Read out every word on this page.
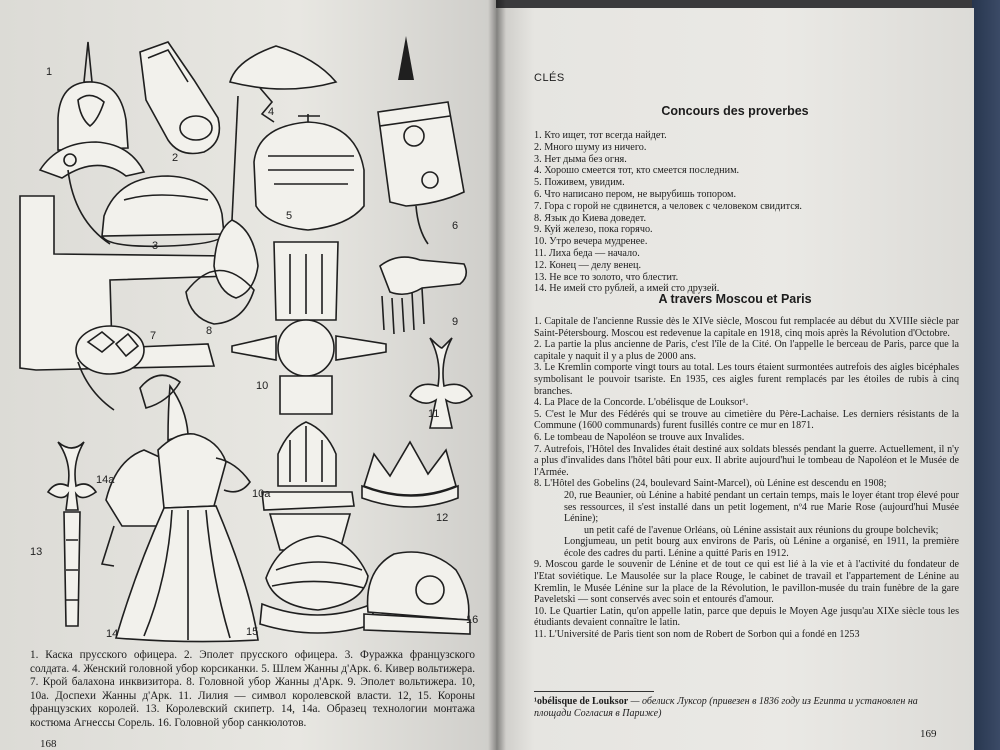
1
2
3
4
5
6
7	8
9
10
10a
11
12
13
14
14a
15
16
1. Каска прусского офицера. 2. Эполет прусского офицера. 3. Фуражка французского солдата. 4. Женский головной убор корсиканки. 5. Шлем Жанны д'Арк. 6. Кивер вольтижера. 7. Крой балахона инквизитора. 8. Головной убор Жанны д'Арк. 9. Эполет вольтижера. 10, 10а. Доспехи Жанны д'Арк. 11. Лилия — символ королевской власти. 12, 15. Короны французских королей. 13. Королевский скипетр. 14, 14а. Образец технологии монтажа костюма Агнессы Сорель. 16. Головной убор санкюлотов.
168
CLÉS
Concours des proverbes
1. Кто ищет, тот всегда найдет.
2. Много шуму из ничего.
3. Нет дыма без огня.
4. Хорошо смеется тот, кто смеется последним.
5. Поживем, увидим.
6. Что написано пером, не вырубишь топором.
7. Гора с горой не сдвинется, а человек с человеком свидится.
8. Язык до Киева доведет.
9. Куй железо, пока горячо.
10. Утро вечера мудренее.
11. Лиха беда — начало.
12. Конец — делу венец.
13. Не все то золото, что блестит.
14. Не имей сто рублей, а имей сто друзей.
A travers Moscou et Paris
1. Capitale de l'ancienne Russie dès le XIVe siècle, Moscou fut remplacée au début du XVIIIe siècle par Saint-Pétersbourg. Moscou est redevenue la capitale en 1918, cinq mois après la Révolution d'Octobre.
2. La partie la plus ancienne de Paris, c'est l'île de la Cité. On l'appelle le berceau de Paris, parce que la capitale y naquit il y a plus de 2000 ans.
3. Le Kremlin comporte vingt tours au total. Les tours étaient surmontées autrefois des aigles bicéphales symbolisant le pouvoir tsariste. En 1935, ces aigles furent remplacés par les étoiles de rubis à cinq branches.
4. La Place de la Concorde. L'obélisque de Louksor¹.
5. C'est le Mur des Fédérés qui se trouve au cimetière du Père-Lachaise. Les derniers résistants de la Commune (1600 communards) furent fusillés contre ce mur en 1871.
6. Le tombeau de Napoléon se trouve aux Invalides.
7. Autrefois, l'Hôtel des Invalides était destiné aux soldats blessés pendant la guerre. Actuellement, il n'y a plus d'invalides dans l'hôtel bâti pour eux. Il abrite aujourd'hui le tombeau de Napoléon et le Musée de l'Armée.
8. L'Hôtel des Gobelins (24, boulevard Saint-Marcel), où Lénine est descendu en 1908;
20, rue Beaunier, où Lénine a habité pendant un certain temps, mais le loyer étant trop élevé pour ses ressources, il s'est installé dans un petit logement, nº4 rue Marie Rose (aujourd'hui Musée Lénine);
un petit café de l'avenue Orléans, où Lénine assistait aux réunions du groupe bolchevik;
Longjumeau, un petit bourg aux environs de Paris, où Lénine a organisé, en 1911, la première école des cadres du parti. Lénine a quitté Paris en 1912.
9. Moscou garde le souvenir de Lénine et de tout ce qui est lié à la vie et à l'activité du fondateur de l'Etat soviétique. Le Mausolée sur la place Rouge, le cabinet de travail et l'appartement de Lénine au Kremlin, le Musée Lénine sur la place de la Révolution, le pavillon-musée du train funèbre de la gare Paveletski — sont conservés avec soin et entourés d'amour.
10. Le Quartier Latin, qu'on appelle latin, parce que depuis le Moyen Age jusqu'au XIXe siècle tous les étudiants devaient connaître le latin.
11. L'Université de Paris tient son nom de Robert de Sorbon qui a fondé en 1253
¹obélisque de Louksor — обелиск Луксор (привезен в 1836 году из Египта и установлен на площади Согласия в Париже)
169
